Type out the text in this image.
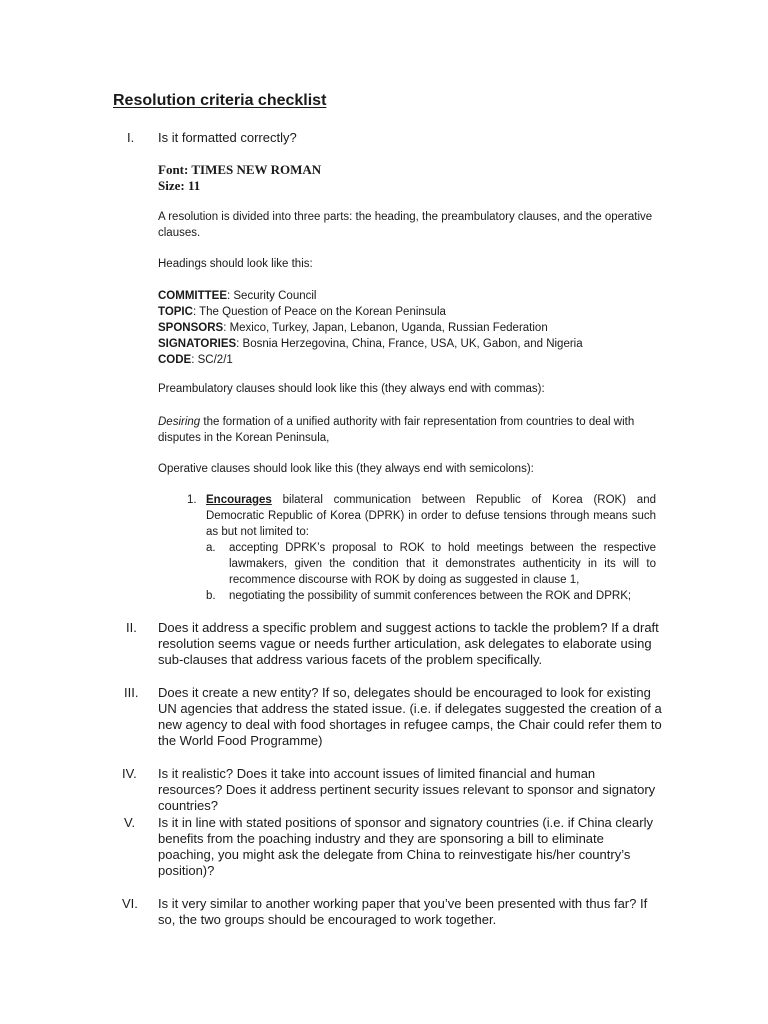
Resolution criteria checklist
I. Is it formatted correctly?

Font: TIMES NEW ROMAN

Size: 11

A resolution is divided into three parts: the heading, the preambulatory clauses, and the operative clauses.

Headings should look like this:

COMMITTEE: Security Council
TOPIC: The Question of Peace on the Korean Peninsula
SPONSORS: Mexico, Turkey, Japan, Lebanon, Uganda, Russian Federation
SIGNATORIES: Bosnia Herzegovina, China, France, USA, UK, Gabon, and Nigeria
CODE: SC/2/1

Preambulatory clauses should look like this (they always end with commas):

Desiring the formation of a unified authority with fair representation from countries to deal with disputes in the Korean Peninsula,

Operative clauses should look like this (they always end with semicolons):

1. Encourages bilateral communication between Republic of Korea (ROK) and Democratic Republic of Korea (DPRK) in order to defuse tensions through means such as but not limited to:

a. accepting DPRK’s proposal to ROK to hold meetings between the respective lawmakers, given the condition that it demonstrates authenticity in its will to recommence discourse with ROK by doing as suggested in clause 1,

b. negotiating the possibility of summit conferences between the ROK and DPRK;

II. Does it address a specific problem and suggest actions to tackle the problem? If a draft resolution seems vague or needs further articulation, ask delegates to elaborate using sub-clauses that address various facets of the problem specifically.

III. Does it create a new entity? If so, delegates should be encouraged to look for existing UN agencies that address the stated issue. (i.e. if delegates suggested the creation of a new agency to deal with food shortages in refugee camps, the Chair could refer them to the World Food Programme)

IV. Is it realistic? Does it take into account issues of limited financial and human resources? Does it address pertinent security issues relevant to sponsor and signatory countries?

V. Is it in line with stated positions of sponsor and signatory countries (i.e. if China clearly benefits from the poaching industry and they are sponsoring a bill to eliminate poaching, you might ask the delegate from China to reinvestigate his/her country’s position)?

VI. Is it very similar to another working paper that you’ve been presented with thus far? If so, the two groups should be encouraged to work together.
